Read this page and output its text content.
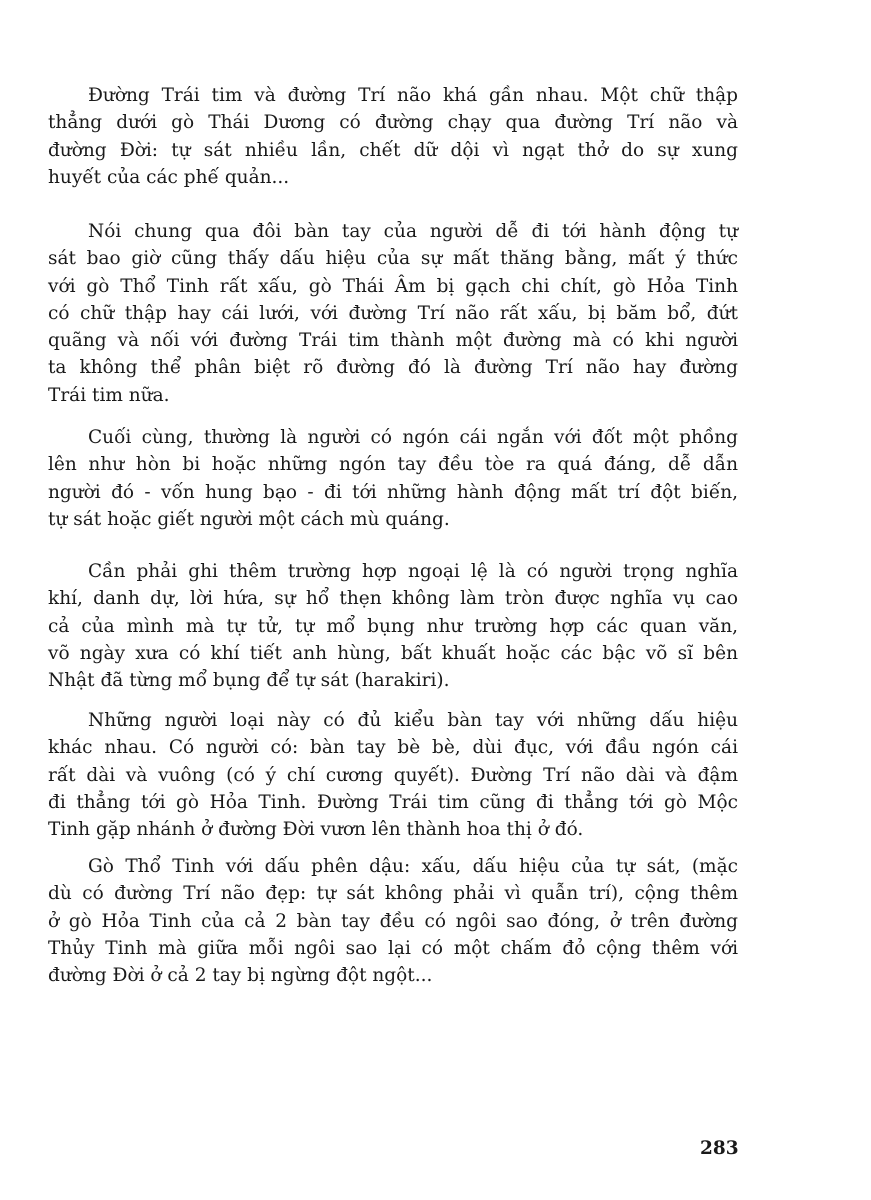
Đường Trái tim và đường Trí não khá gần nhau. Một chữ thập
thẳng dưới gò Thái Dương có đường chạy qua đường Trí não và
đường Đời: tự sát nhiều lần, chết dữ dội vì ngạt thở do sự xung
huyết của các phế quản...

Nói chung qua đôi bàn tay của người dễ đi tới hành động tự
sát bao giờ cũng thấy dấu hiệu của sự mất thăng bằng, mất ý thức
với gò Thổ Tinh rất xấu, gò Thái Âm bị gạch chi chít, gò Hỏa Tinh
có chữ thập hay cái lưới, với đường Trí não rất xấu, bị băm bổ, đứt
quãng và nối với đường Trái tim thành một đường mà có khi người
ta không thể phân biệt rõ đường đó là đường Trí não hay đường
Trái tim nữa.

Cuối cùng, thường là người có ngón cái ngắn với đốt một phồng
lên như hòn bi hoặc những ngón tay đều tòe ra quá đáng, dễ dẫn
người đó - vốn hung bạo - đi tới những hành động mất trí đột biến,
tự sát hoặc giết người một cách mù quáng.

Cần phải ghi thêm trường hợp ngoại lệ là có người trọng nghĩa
khí, danh dự, lời hứa, sự hổ thẹn không làm tròn được nghĩa vụ cao
cả của mình mà tự tử, tự mổ bụng như trường hợp các quan văn,
võ ngày xưa có khí tiết anh hùng, bất khuất hoặc các bậc võ sĩ bên
Nhật đã từng mổ bụng để tự sát (harakiri).

Những người loại này có đủ kiểu bàn tay với những dấu hiệu
khác nhau. Có người có: bàn tay bè bè, dùi đục, với đầu ngón cái
rất dài và vuông (có ý chí cương quyết). Đường Trí não dài và đậm
đi thẳng tới gò Hỏa Tinh. Đường Trái tim cũng đi thẳng tới gò Mộc
Tinh gặp nhánh ở đường Đời vươn lên thành hoa thị ở đó.

Gò Thổ Tinh với dấu phên dậu: xấu, dấu hiệu của tự sát, (mặc
dù có đường Trí não đẹp: tự sát không phải vì quẫn trí), cộng thêm
ở gò Hỏa Tinh của cả 2 bàn tay đều có ngôi sao đóng, ở trên đường
Thủy Tinh mà giữa mỗi ngôi sao lại có một chấm đỏ cộng thêm với
đường Đời ở cả 2 tay bị ngừng đột ngột...

283
